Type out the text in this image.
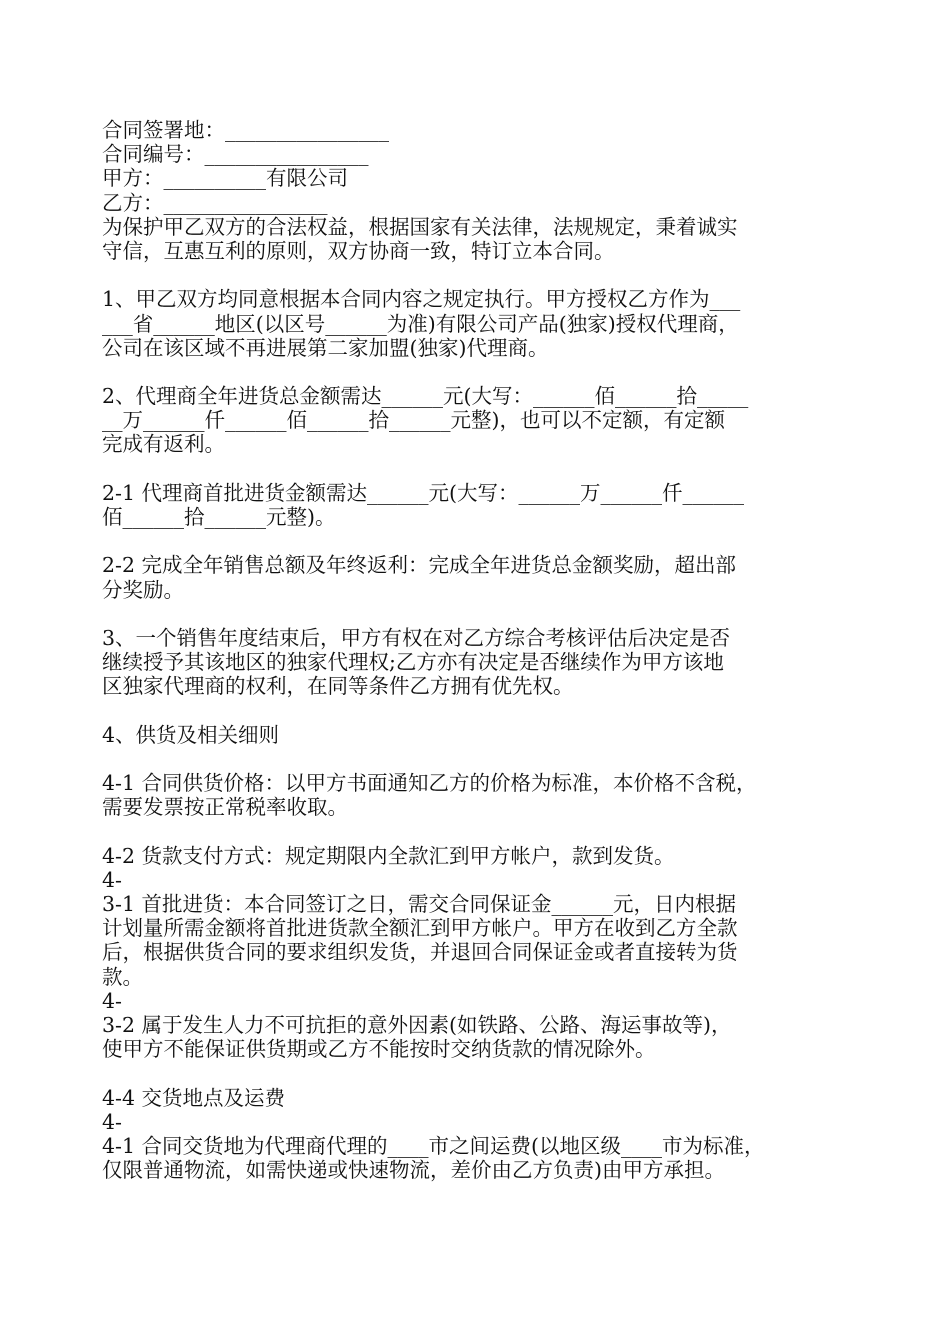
合同签署地：________________
合同编号：________________
甲方：__________有限公司
乙方：________________
为保护甲乙双方的合法权益，根据国家有关法律，法规规定，秉着诚实
守信，互惠互利的原则，双方协商一致，特订立本合同。
1、甲乙双方均同意根据本合同内容之规定执行。甲方授权乙方作为___
___省______地区(以区号______为准)有限公司产品(独家)授权代理商，
公司在该区域不再进展第二家加盟(独家)代理商。
2、代理商全年进货总金额需达______元(大写：______佰______拾_____
__万______仟______佰______拾______元整)，也可以不定额，有定额
完成有返利。
2-1 代理商首批进货金额需达______元(大写：______万______仟______
佰______拾______元整)。
2-2 完成全年销售总额及年终返利：完成全年进货总金额奖励，超出部
分奖励。
3、一个销售年度结束后，甲方有权在对乙方综合考核评估后决定是否
继续授予其该地区的独家代理权;乙方亦有决定是否继续作为甲方该地
区独家代理商的权利，在同等条件乙方拥有优先权。
4、供货及相关细则
4-1 合同供货价格：以甲方书面通知乙方的价格为标准，本价格不含税，
需要发票按正常税率收取。
4-2 货款支付方式：规定期限内全款汇到甲方帐户，款到发货。
4-
3-1 首批进货：本合同签订之日，需交合同保证金______元，日内根据
计划量所需金额将首批进货款全额汇到甲方帐户。甲方在收到乙方全款
后，根据供货合同的要求组织发货，并退回合同保证金或者直接转为货
款。
4-
3-2 属于发生人力不可抗拒的意外因素(如铁路、公路、海运事故等)，
使甲方不能保证供货期或乙方不能按时交纳货款的情况除外。
4-4 交货地点及运费
4-
4-1 合同交货地为代理商代理的____市之间运费(以地区级____市为标准，
仅限普通物流，如需快递或快速物流，差价由乙方负责)由甲方承担。
